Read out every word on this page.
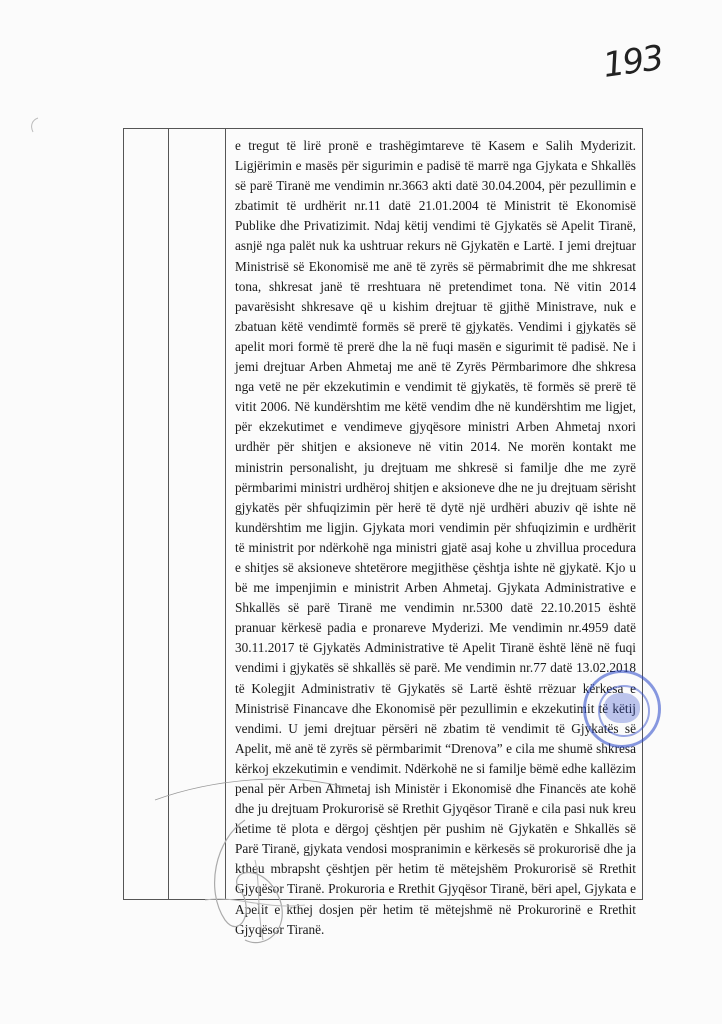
193

e tregut të lirë pronë e trashëgimtareve të Kasem e Salih Myderizit. Ligjërimin e masës për sigurimin e padisë të marrë nga Gjykata e Shkallës së parë Tiranë me vendimin nr.3663 akti datë 30.04.2004, për pezullimin e zbatimit të urdhërit nr.11 datë 21.01.2004 të Ministrit të Ekonomisë Publike dhe Privatizimit. Ndaj këtij vendimi të Gjykatës së Apelit Tiranë, asnjë nga palët nuk ka ushtruar rekurs në Gjykatën e Lartë. I jemi drejtuar Ministrisë së Ekonomisë me anë të zyrës së përmabrimit dhe me shkresat tona, shkresat janë të rreshtuara në pretendimet tona. Në vitin 2014 pavarësisht shkresave që u kishim drejtuar të gjithë Ministrave, nuk e zbatuan këtë vendimtë formës së prerë të gjykatës. Vendimi i gjykatës së apelit mori formë të prerë dhe la në fuqi masën e sigurimit të padisë. Ne i jemi drejtuar Arben Ahmetaj me anë të Zyrës Përmbarimore dhe shkresa nga vetë ne për ekzekutimin e vendimit të gjykatës, të formës së prerë të vitit 2006. Në kundërshtim me këtë vendim dhe në kundërshtim me ligjet, për ekzekutimet e vendimeve gjyqësore ministri Arben Ahmetaj nxori urdhër për shitjen e aksioneve në vitin 2014. Ne morën kontakt me ministrin personalisht, ju drejtuam me shkresë si familje dhe me zyrë përmbarimi ministri urdhëroj shitjen e aksioneve dhe ne ju drejtuam sërisht gjykatës për shfuqizimin për herë të dytë një urdhëri abuziv që ishte në kundërshtim me ligjin. Gjykata mori vendimin për shfuqizimin e urdhërit të ministrit por ndërkohë nga ministri gjatë asaj kohe u zhvillua procedura e shitjes së aksioneve shtetërore megjithëse çështja ishte në gjykatë. Kjo u bë me impenjimin e ministrit Arben Ahmetaj. Gjykata Administrative e Shkallës së parë Tiranë me vendimin nr.5300 datë 22.10.2015 është pranuar kërkesë padia e pronareve Myderizi. Me vendimin nr.4959 datë 30.11.2017 të Gjykatës Administrative të Apelit Tiranë është lënë në fuqi vendimi i gjykatës së shkallës së parë. Me vendimin nr.77 datë 13.02.2018 të Kolegjit Administrativ të Gjykatës së Lartë është rrëzuar kërkesa e Ministrisë Financave dhe Ekonomisë për pezullimin e ekzekutimit të këtij vendimi. U jemi drejtuar përsëri në zbatim të vendimit të Gjykatës së Apelit, më anë të zyrës së përmbarimit “Drenova” e cila me shumë shkresa kërkoj ekzekutimin e vendimit. Ndërkohë ne si familje bëmë edhe kallëzim penal për Arben Ahmetaj ish Ministër i Ekonomisë dhe Financës ate kohë dhe ju drejtuam Prokurorisë së Rrethit Gjyqësor Tiranë e cila pasi nuk kreu hetime të plota e dërgoj çështjen për pushim në Gjykatën e Shkallës së Parë Tiranë, gjykata vendosi mospranimin e kërkesës së prokurorisë dhe ja ktheu mbrapsht çështjen për hetim të mëtejshëm Prokurorisë së Rrethit Gjyqësor Tiranë. Prokuroria e Rrethit Gjyqësor Tiranë, bëri apel, Gjykata e Apelit e kthej dosjen për hetim të mëtejshmë në Prokurorinë e Rrethit Gjyqësor Tiranë.
